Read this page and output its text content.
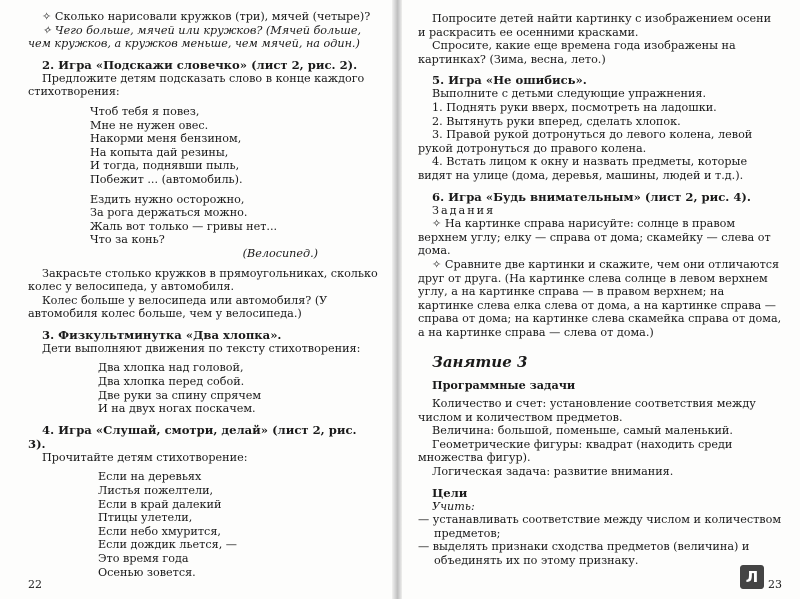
✧ Сколько нарисовали кружков (три), мячей (четыре)?

✧ Чего больше, мячей или кружков? (Мячей больше, чем кружков, а кружков меньше, чем мячей, на один.)

2. Игра «Подскажи словечко» (лист 2, рис. 2).

Предложите детям подсказать слово в конце каждого стихотворения:

Чтоб тебя я повез,
Мне не нужен овес.
Накорми меня бензином,
На копыта дай резины,
И тогда, поднявши пыль,
Побежит ... (автомобиль).
Ездить нужно осторожно,
За рога держаться можно.
Жаль вот только — гривы нет...
Что за конь?
(Велосипед.)

Закрасьте столько кружков в прямоугольниках, сколько колес у велосипеда, у автомобиля.

Колес больше у велосипеда или автомобиля? (У автомобиля колес больше, чем у велосипеда.)

3. Физкультминутка «Два хлопка».

Дети выполняют движения по тексту стихотворения:

Два хлопка над головой,
Два хлопка перед собой.
Две руки за спину спрячем
И на двух ногах поскачем.

4. Игра «Слушай, смотри, делай» (лист 2, рис. 3).

Прочитайте детям стихотворение:

Если на деревьях
Листья пожелтели,
Если в край далекий
Птицы улетели,
Если небо хмурится,
Если дождик льется, —
Это время года
Осенью зовется.
22

Попросите детей найти картинку с изображением осени и раскрасить ее осенними красками.

Спросите, какие еще времена года изображены на картинках? (Зима, весна, лето.)

5. Игра «Не ошибись».

Выполните с детьми следующие упражнения.

1. Поднять руки вверх, посмотреть на ладошки.

2. Вытянуть руки вперед, сделать хлопок.

3. Правой рукой дотронуться до левого колена, левой рукой дотронуться до правого колена.

4. Встать лицом к окну и назвать предметы, которые видят на улице (дома, деревья, машины, людей и т.д.).

6. Игра «Будь внимательным» (лист 2, рис. 4).

Задания

✧ На картинке справа нарисуйте: солнце в правом верхнем углу; елку — справа от дома; скамейку — слева от дома.

✧ Сравните две картинки и скажите, чем они отличаются друг от друга. (На картинке слева солнце в левом верхнем углу, а на картинке справа — в правом верхнем; на картинке слева елка слева от дома, а на картинке справа — справа от дома; на картинке слева скамейка справа от дома, а на картинке справа — слева от дома.)

Занятие 3

Программные задачи

Количество и счет: установление соответствия между числом и количеством предметов.

Величина: большой, поменьше, самый маленький.

Геометрические фигуры: квадрат (находить среди множества фигур).

Логическая задача: развитие внимания.

Цели

Учить:

— устанавливать соответствие между числом и количеством предметов;

— выделять признаки сходства предметов (величина) и объединять их по этому признаку.

Л 23
